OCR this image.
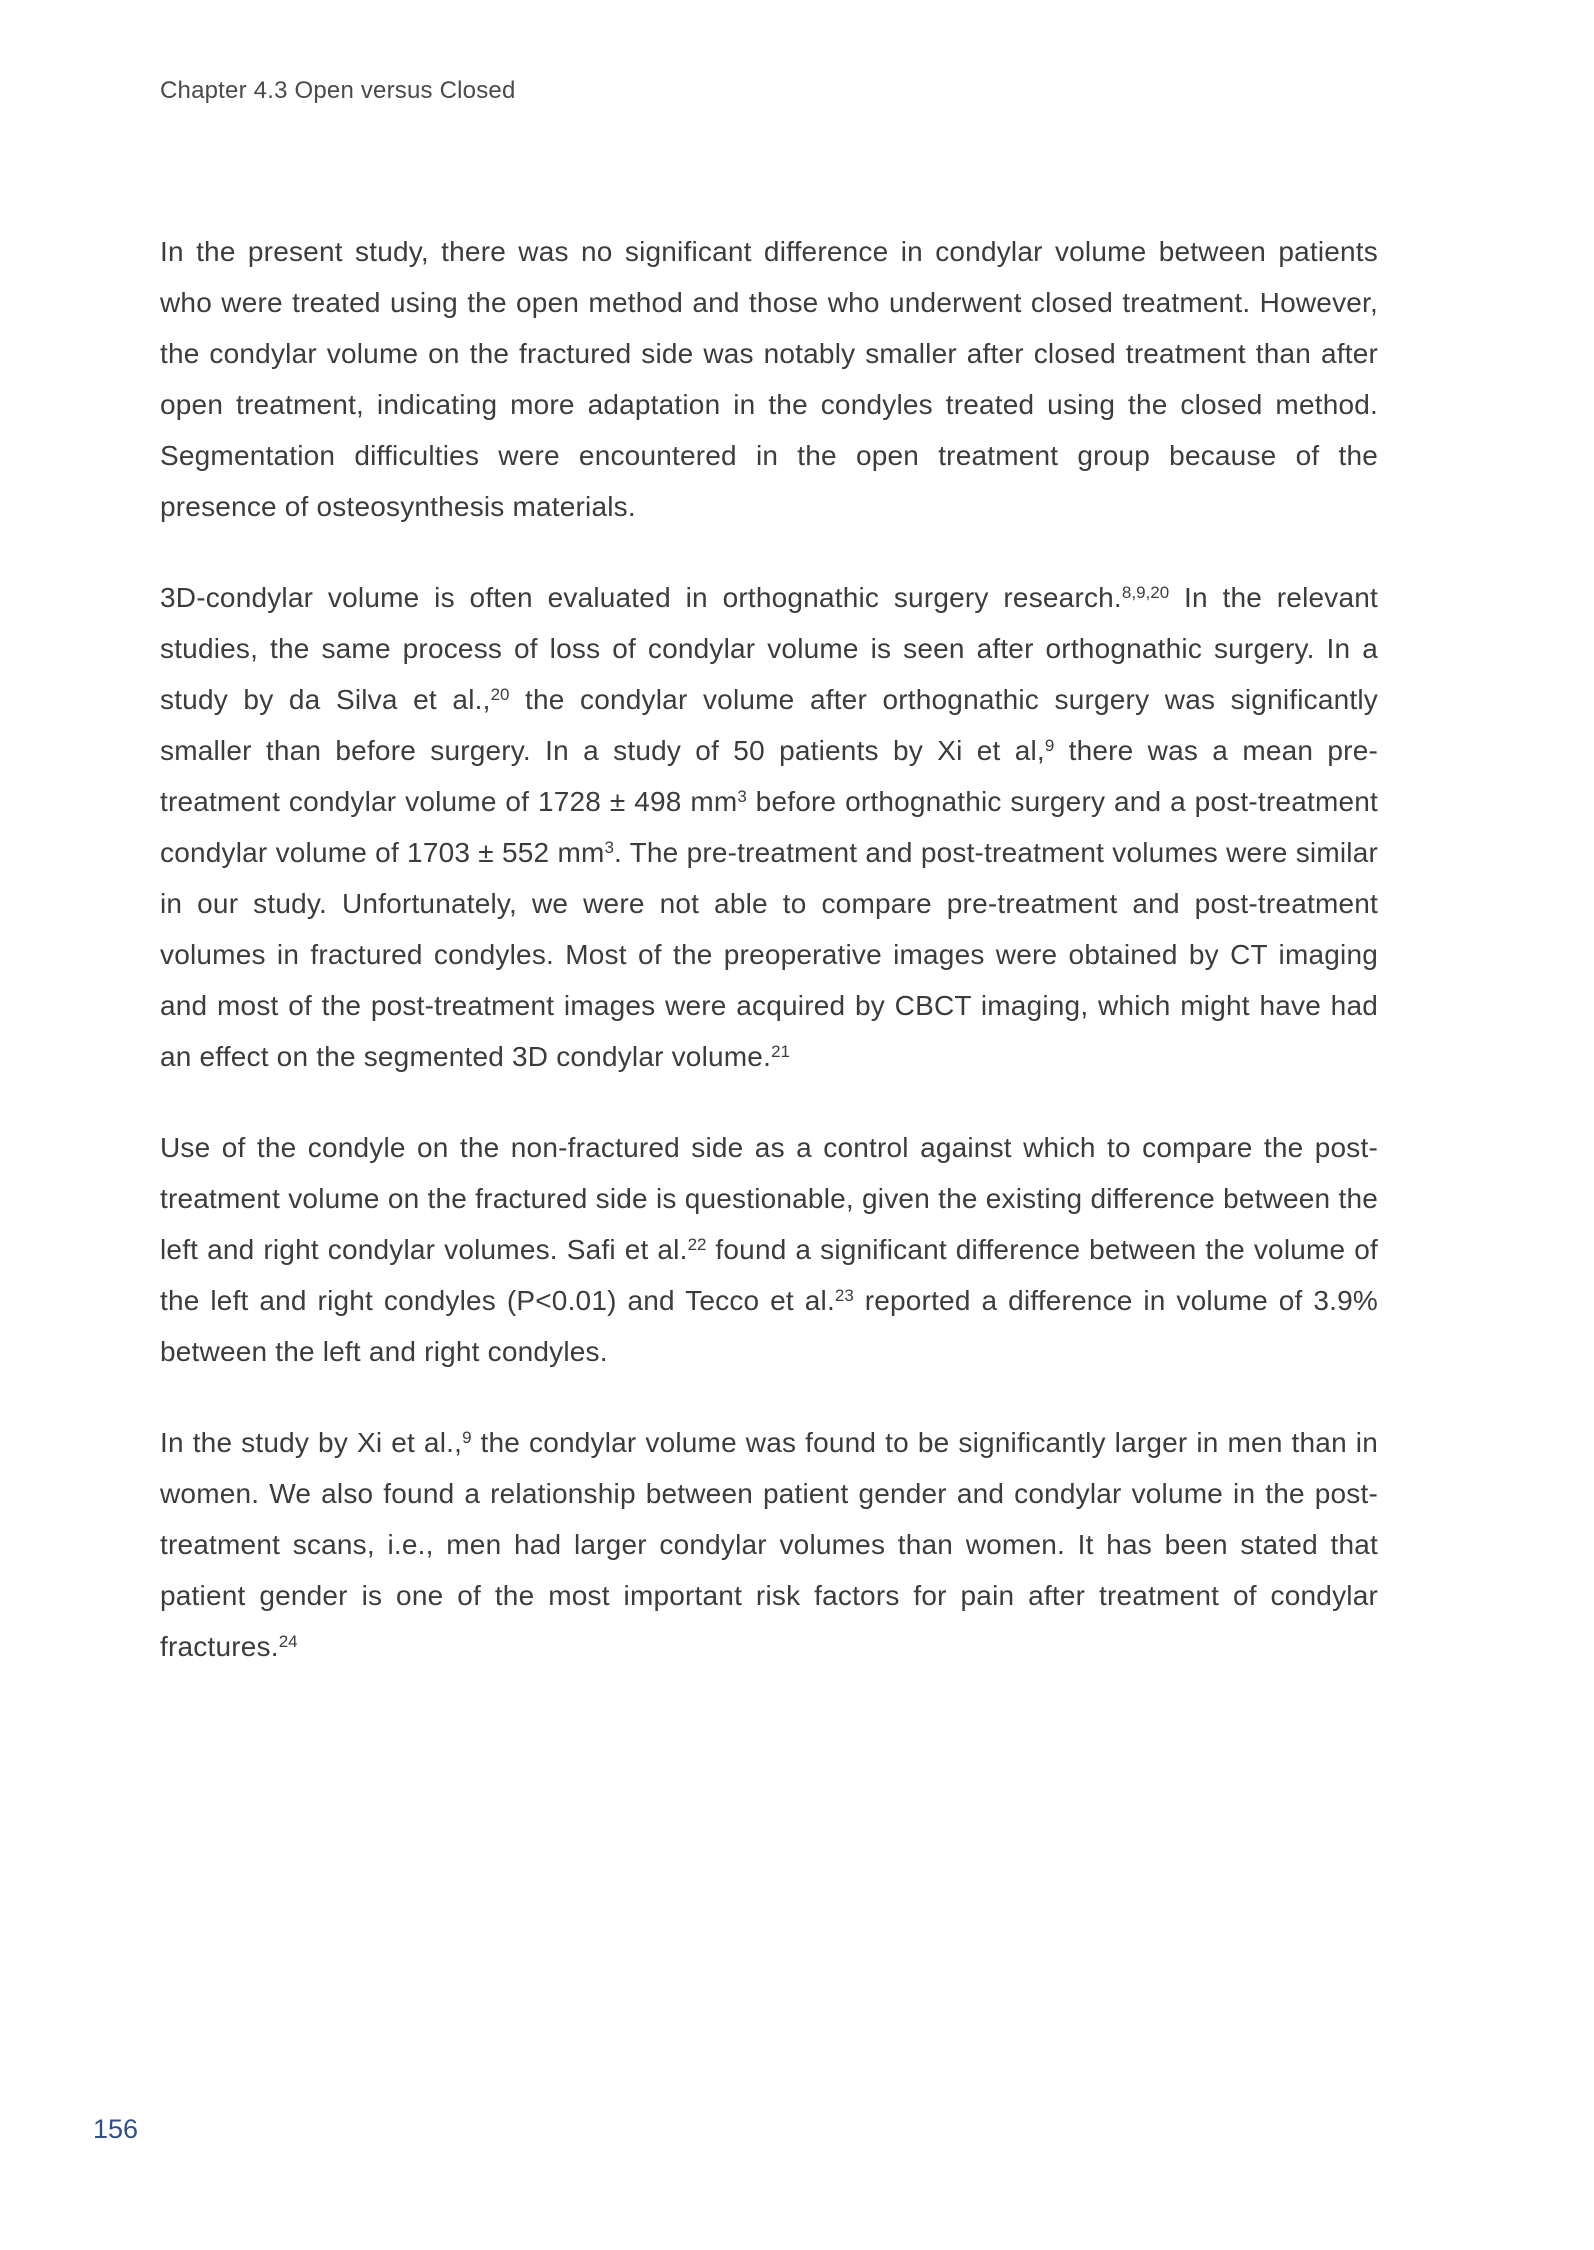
Chapter 4.3 Open versus Closed

In the present study, there was no significant difference in condylar volume between patients who were treated using the open method and those who underwent closed treatment. However, the condylar volume on the fractured side was notably smaller after closed treatment than after open treatment, indicating more adaptation in the condyles treated using the closed method. Segmentation difficulties were encountered in the open treatment group because of the presence of osteosynthesis materials.

3D-condylar volume is often evaluated in orthognathic surgery research.$^{8,9,20}$ In the relevant studies, the same process of loss of condylar volume is seen after orthognathic surgery. In a study by da Silva et al.,$^{20}$ the condylar volume after orthognathic surgery was significantly smaller than before surgery. In a study of 50 patients by Xi et al,$^9$ there was a mean pre-treatment condylar volume of 1728 ± 498 $mm^3$ before orthognathic surgery and a post-treatment condylar volume of 1703 ± 552 $mm^3$. The pre-treatment and post-treatment volumes were similar in our study. Unfortunately, we were not able to compare pre-treatment and post-treatment volumes in fractured condyles. Most of the preoperative images were obtained by CT imaging and most of the post-treatment images were acquired by CBCT imaging, which might have had an effect on the segmented 3D condylar volume.$^{21}$

Use of the condyle on the non-fractured side as a control against which to compare the post-treatment volume on the fractured side is questionable, given the existing difference between the left and right condylar volumes. Safi et al.$^{22}$ found a significant difference between the volume of the left and right condyles (P<0.01) and Tecco et al.$^{23}$ reported a difference in volume of 3.9% between the left and right condyles.

In the study by Xi et al.,$^9$ the condylar volume was found to be significantly larger in men than in women. We also found a relationship between patient gender and condylar volume in the post-treatment scans, i.e., men had larger condylar volumes than women. It has been stated that patient gender is one of the most important risk factors for pain after treatment of condylar fractures.$^{24}$

156
